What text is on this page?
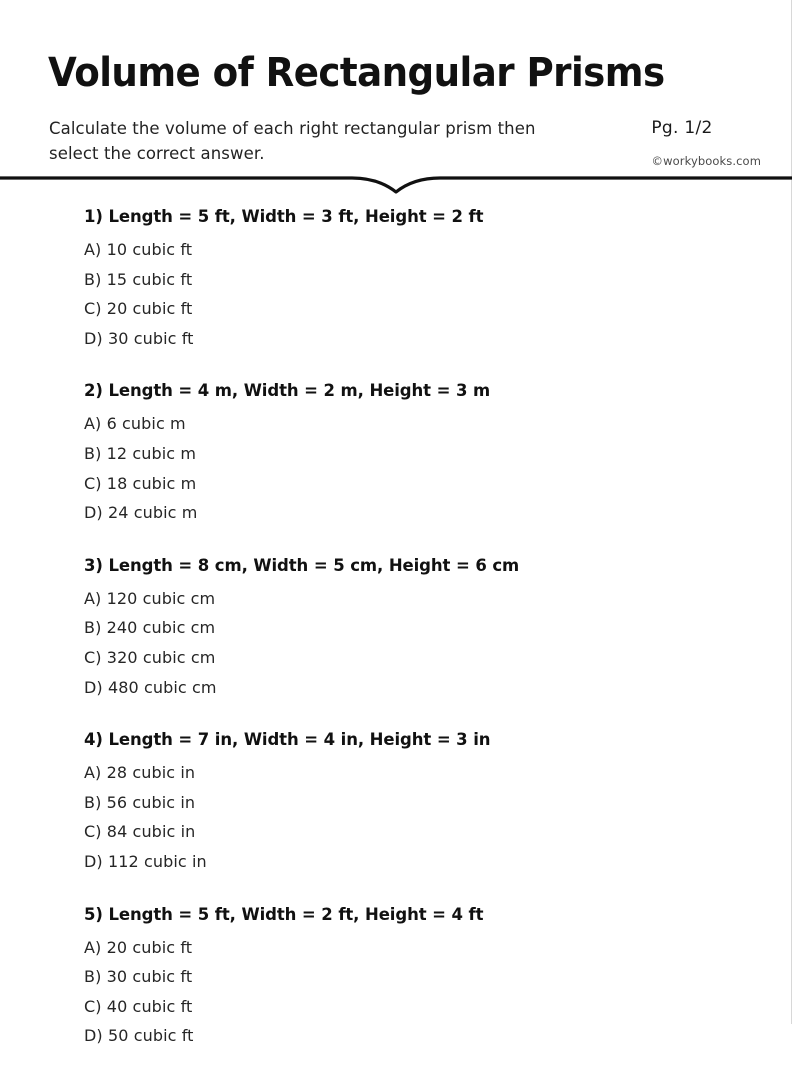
Volume of Rectangular Prisms
Calculate the volume of each right rectangular prism then select the correct answer.
Pg. 1/2
©workybooks.com
1) Length = 5 ft, Width = 3 ft, Height = 2 ft
A) 10 cubic ft
B) 15 cubic ft
C) 20 cubic ft
D) 30 cubic ft
2) Length = 4 m, Width = 2 m, Height = 3 m
A) 6 cubic m
B) 12 cubic m
C) 18 cubic m
D) 24 cubic m
3) Length = 8 cm, Width = 5 cm, Height = 6 cm
A) 120 cubic cm
B) 240 cubic cm
C) 320 cubic cm
D) 480 cubic cm
4) Length = 7 in, Width = 4 in, Height = 3 in
A) 28 cubic in
B) 56 cubic in
C) 84 cubic in
D) 112 cubic in
5) Length = 5 ft, Width = 2 ft, Height = 4 ft
A) 20 cubic ft
B) 30 cubic ft
C) 40 cubic ft
D) 50 cubic ft
